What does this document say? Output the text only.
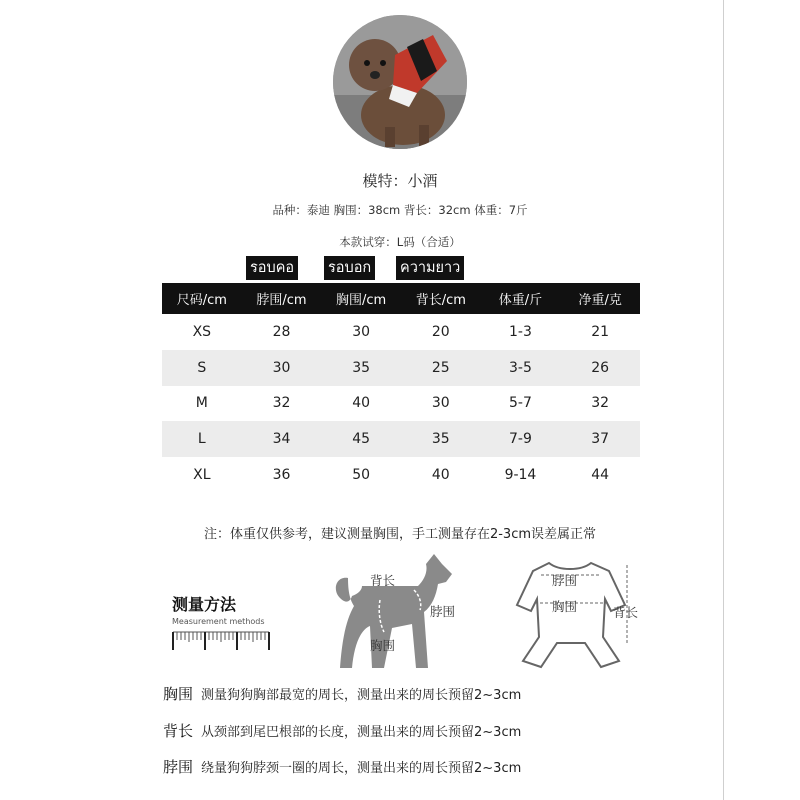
模特：小酒
品种：泰迪 胸围：38cm 背长：32cm 体重：7斤
本款试穿：L码（合适）
รอบคอ รอบอก ความยาว
尺码/cm	脖围/cm	胸围/cm	背长/cm	体重/斤	净重/克
XS	28	30	20	1-3	21
S	30	35	25	3-5	26
M	32	40	30	5-7	32
L	34	45	35	7-9	37
XL	36	50	40	9-14	44
注：体重仅供参考，建议测量胸围，手工测量存在2-3cm误差属正常
测量方法
Measurement methods
背长
脖围
胸围
脖围
胸围	背长
胸围 测量狗狗胸部最宽的周长，测量出来的周长预留2~3cm
背长 从颈部到尾巴根部的长度，测量出来的周长预留2~3cm
脖围 绕量狗狗脖颈一圈的周长，测量出来的周长预留2~3cm
